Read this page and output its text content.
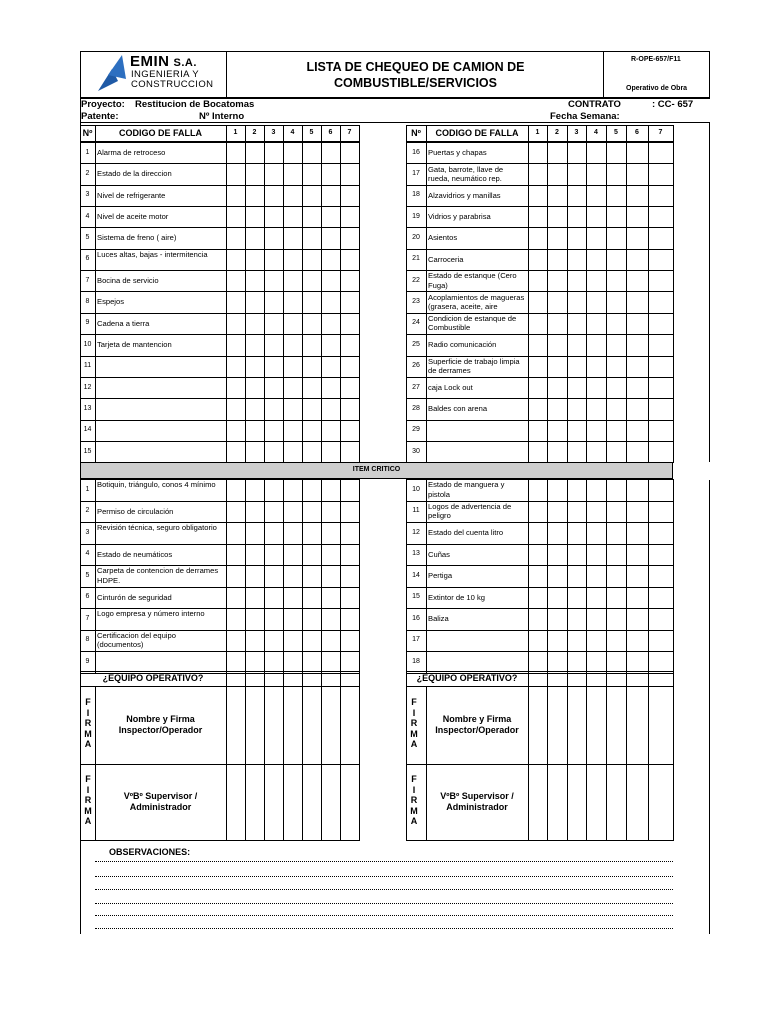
EMIN S.A.
INGENIERIA Y
CONSTRUCCION
LISTA DE CHEQUEO DE CAMION DE
COMBUSTIBLE/SERVICIOS
R-OPE-657/F11
Operativo de Obra
Proyecto: Restitucion de Bocatomas	CONTRATO	: CC- 657
Patente:	Nº Interno	Fecha Semana:
Nº	CODIGO DE FALLA	1	2	3	4	5	6	7
1 Alarma de retroceso
2 Estado de la direccion
3 Nivel de refrigerante
4 Nivel de aceite motor
5 Sistema de freno ( aire)
6 Luces altas, bajas - intermitencia
7 Bocina de servicio
8 Espejos
9 Cadena a tierra
10 Tarjeta de mantencion
11
12
13
14
15
Nº	CODIGO DE FALLA	1	2	3	4	5	6	7
16	Puertas y chapas
17	Gata, barrote, llave de rueda, neumático rep.
18	Alzavidrios y manillas
19	Vidrios y parabrisa
20	Asientos
21	Carroceria
22	Estado de estanque (Cero Fuga)
23	Acoplamientos de magueras (grasera, aceite, aire
24	Condicion de estanque de Combustible
25	Radio comunicación
26	Superficie de trabajo limpia de derrames
27	caja Lock out
28	Baldes con arena
29
30
1 Botiquin, triángulo, conos 4 mínimo
2 Permiso de circulación
3 Revisión técnica, seguro obligatorio
4 Estado de neumáticos
5 Carpeta de contencion de derrames HDPE.
6 Cinturón de seguridad
7 Logo empresa y número interno
8 Certificacion del equipo (documentos)
9
10	Estado de manguera y pistola
11	Logos de advertencia de peligro
12	Estado del cuenta litro
13	Cuñas
14	Pertiga
15	Extintor de 10 kg
16	Baliza
17
18
ITEM CRITICO
¿EQUIPO OPERATIVO?
F
I
R
M
A
Nombre y Firma Inspector/Operador
F
I
R
M
A
VºBº Supervisor / Administrador
¿EQUIPO OPERATIVO?
F
I
R
M
A
Nombre y Firma Inspector/Operador
F
I
R
M
A
VºBº Supervisor / Administrador
OBSERVACIONES:
